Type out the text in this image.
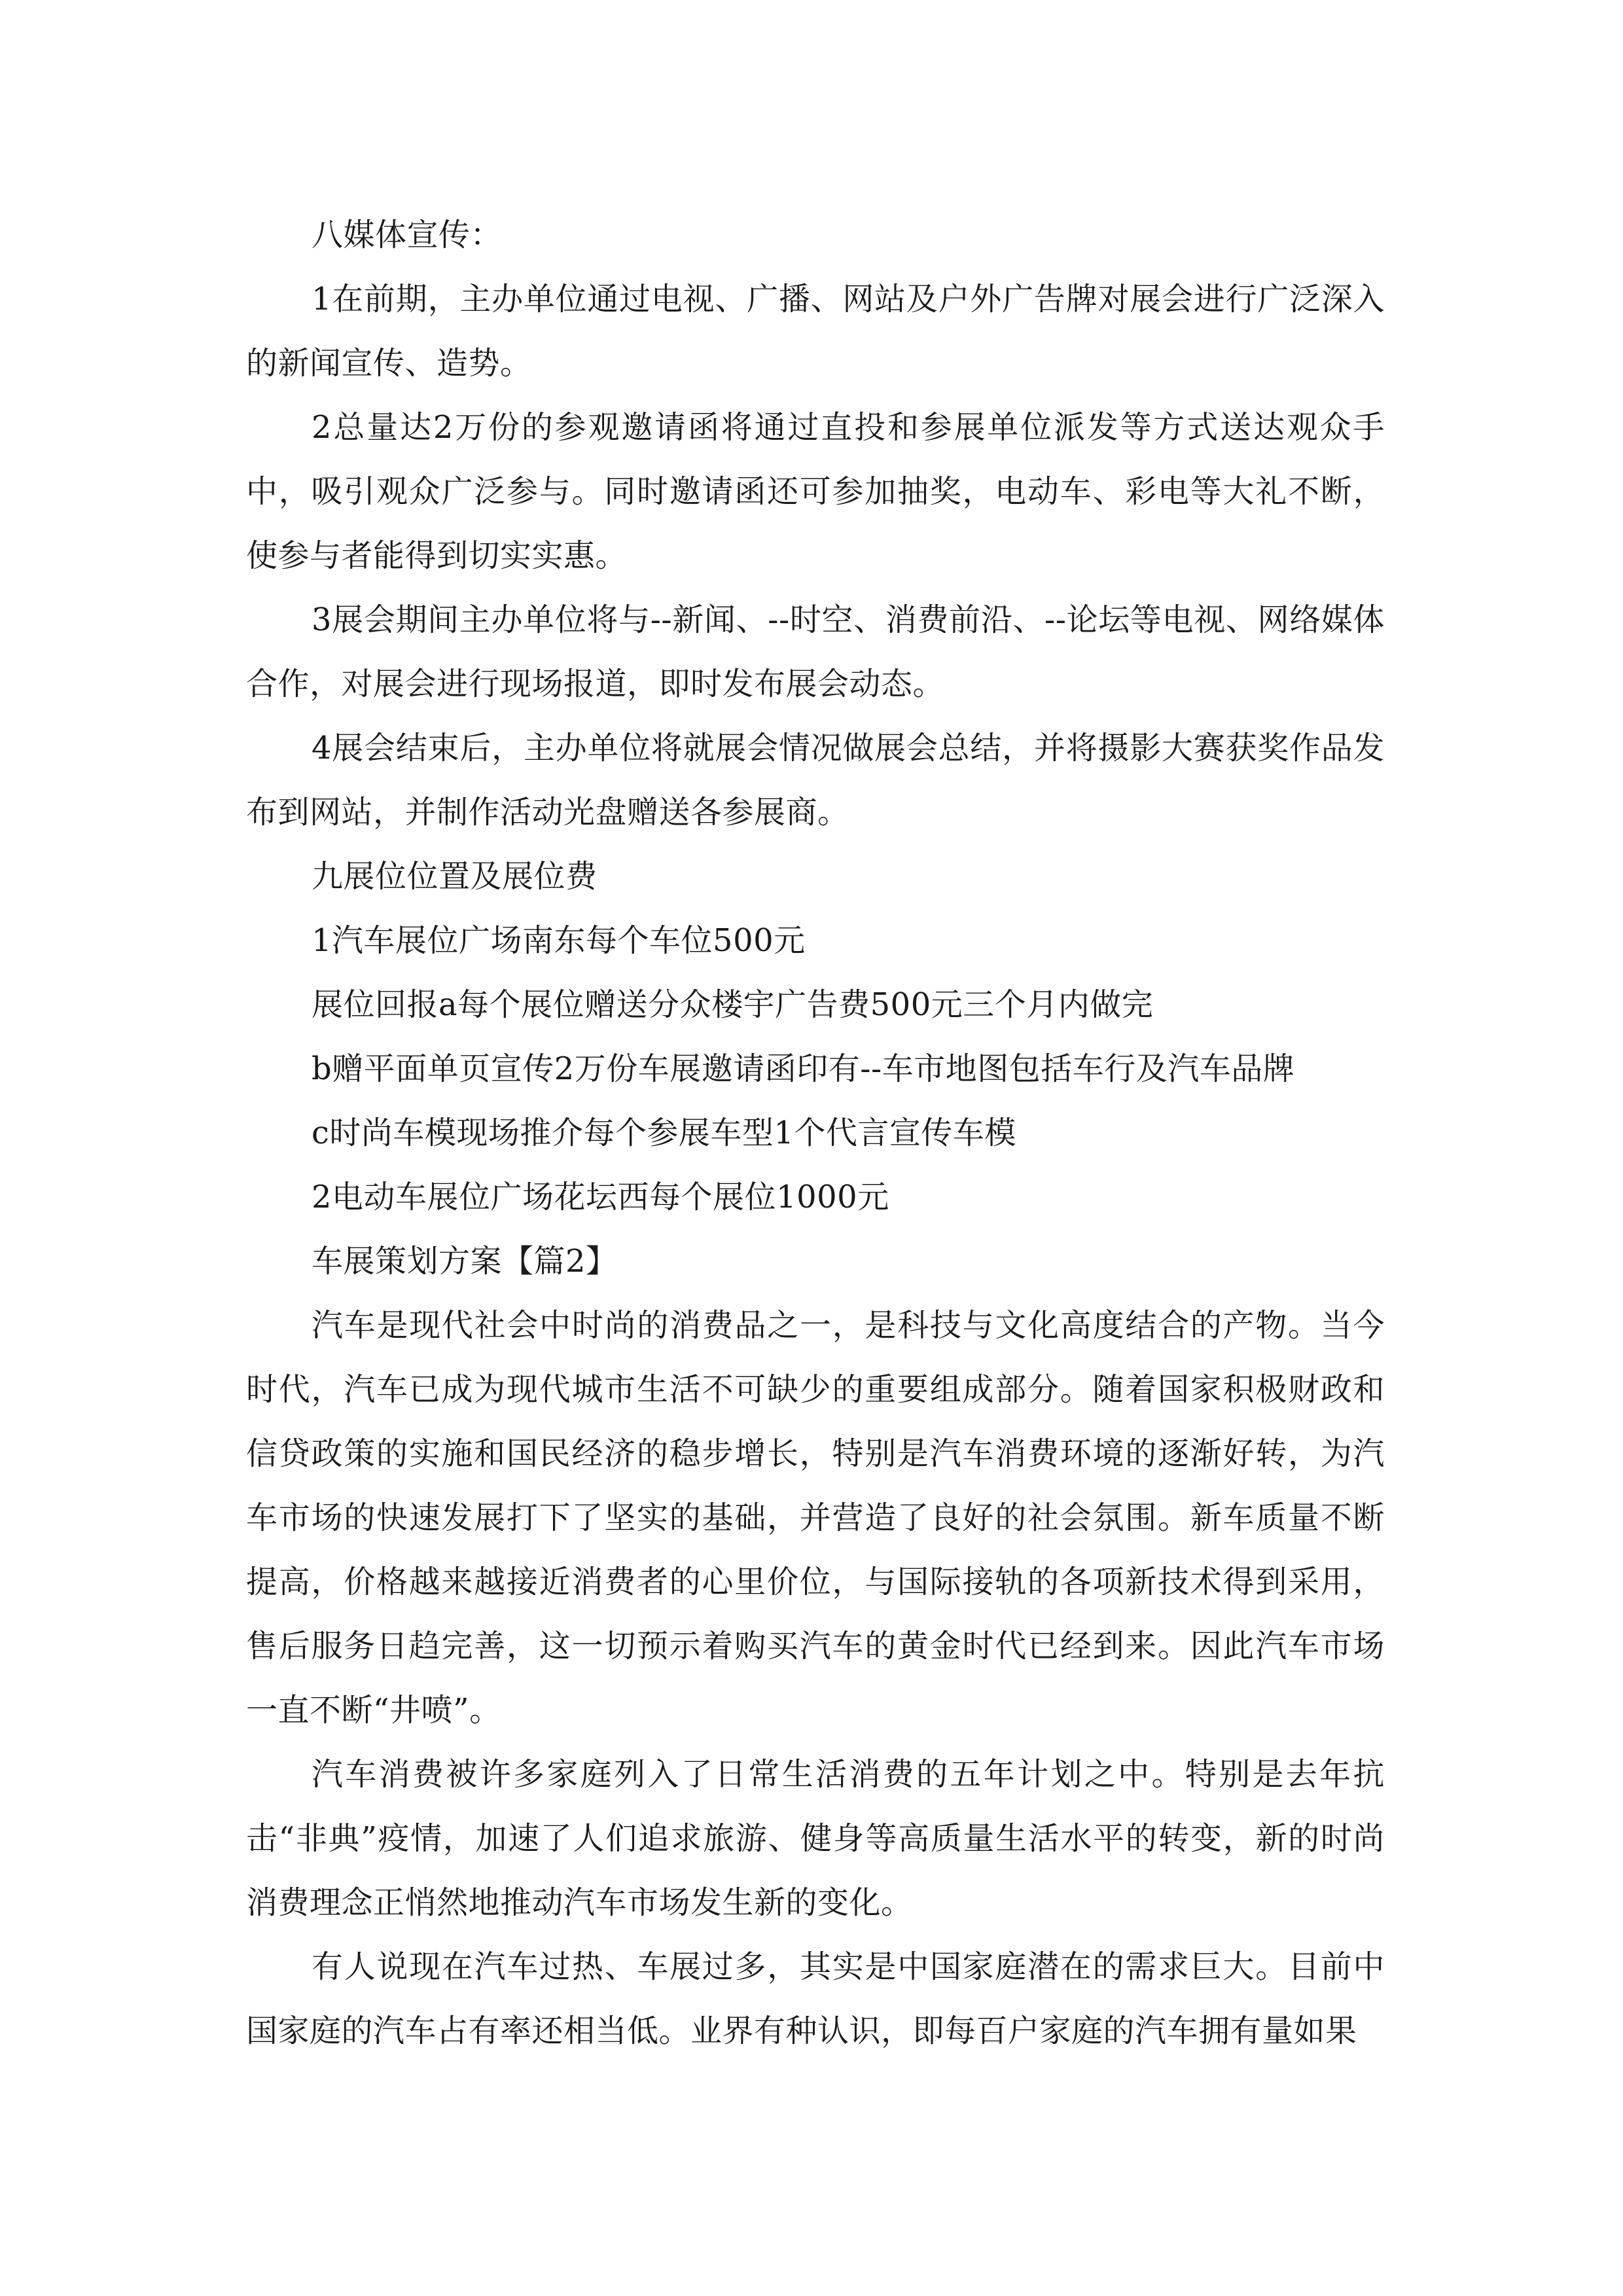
八媒体宣传：

1在前期，主办单位通过电视、广播、网站及户外广告牌对展会进行广泛深入的新闻宣传、造势。

2总量达2万份的参观邀请函将通过直投和参展单位派发等方式送达观众手中，吸引观众广泛参与。同时邀请函还可参加抽奖，电动车、彩电等大礼不断，使参与者能得到切实实惠。

3展会期间主办单位将与--新闻、--时空、消费前沿、--论坛等电视、网络媒体合作，对展会进行现场报道，即时发布展会动态。

4展会结束后，主办单位将就展会情况做展会总结，并将摄影大赛获奖作品发布到网站，并制作活动光盘赠送各参展商。

九展位位置及展位费

1汽车展位广场南东每个车位500元

展位回报a每个展位赠送分众楼宇广告费500元三个月内做完

b赠平面单页宣传2万份车展邀请函印有--车市地图包括车行及汽车品牌

c时尚车模现场推介每个参展车型1个代言宣传车模

2电动车展位广场花坛西每个展位1000元

车展策划方案【篇2】

汽车是现代社会中时尚的消费品之一，是科技与文化高度结合的产物。当今时代，汽车已成为现代城市生活不可缺少的重要组成部分。随着国家积极财政和信贷政策的实施和国民经济的稳步增长，特别是汽车消费环境的逐渐好转，为汽车市场的快速发展打下了坚实的基础，并营造了良好的社会氛围。新车质量不断提高，价格越来越接近消费者的心里价位，与国际接轨的各项新技术得到采用，售后服务日趋完善，这一切预示着购买汽车的黄金时代已经到来。因此汽车市场一直不断“井喷”。

汽车消费被许多家庭列入了日常生活消费的五年计划之中。特别是去年抗击“非典”疫情，加速了人们追求旅游、健身等高质量生活水平的转变，新的时尚消费理念正悄然地推动汽车市场发生新的变化。

有人说现在汽车过热、车展过多，其实是中国家庭潜在的需求巨大。目前中国家庭的汽车占有率还相当低。业界有种认识，即每百户家庭的汽车拥有量如果
